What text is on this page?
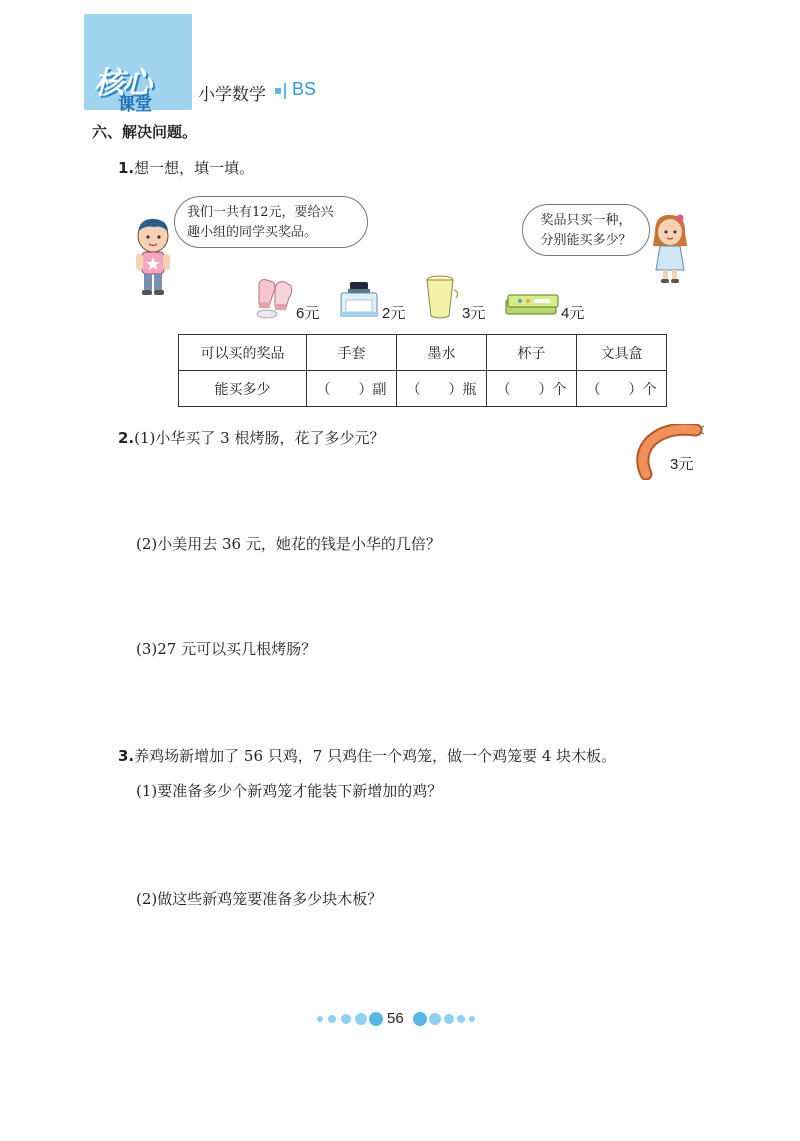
核心
课堂	小学数学 BS
六、解决问题。
1.想一想，填一填。
我们一共有12元，要给兴
趣小组的同学买奖品。
奖品只买一种，
分别能买多少？
6元	2元	3元	4元
可以买的奖品	手套	墨水	杯子	文具盒
能买多少	（　　）副	（　　）瓶	（　　）个	（　　）个
2.(1)小华买了 3 根烤肠，花了多少元？
3元
(2)小美用去 36 元，她花的钱是小华的几倍？
(3)27 元可以买几根烤肠？
3.养鸡场新增加了 56 只鸡，7 只鸡住一个鸡笼，做一个鸡笼要 4 块木板。
(1)要准备多少个新鸡笼才能装下新增加的鸡？
(2)做这些新鸡笼要准备多少块木板？
56
